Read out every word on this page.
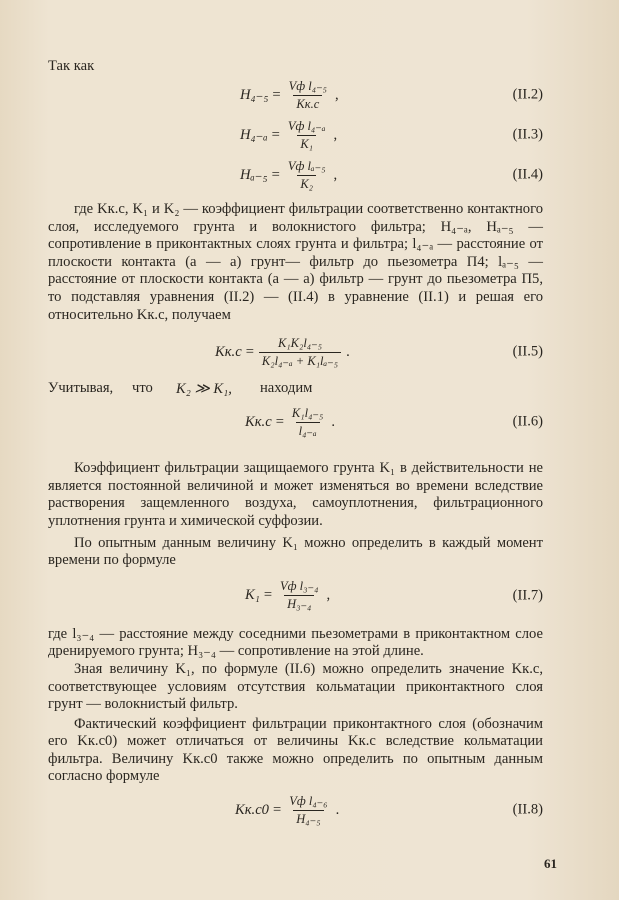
Так как

$H_{4-5} = \frac{\text{Vф l₄₋₅}}{Kк.с}$ ,	(II.2)
$H_{4-a} = \frac{\text{Vф l₄₋ₐ}}{\text{K₁}}$ ,	(II.3)
$H_{a-5} = \frac{\text{Vф lₐ₋₅}}{\text{K₂}}$ ,	(II.4)

где Kк.с, K₁ и K₂ — коэффициент фильтрации соответственно контактного слоя, исследуемого грунта и волокнистого фильтра; H₄₋ₐ, Hₐ₋₅ — сопротивление в приконтактных слоях грунта и фильтра; l₄₋ₐ — расстояние от плоскости контакта (а — а) грунт— фильтр до пьезометра П4; lₐ₋₅ — расстояние от плоскости контакта (а — а) фильтр — грунт до пьезометра П5, то подставляя уравнения (II.2) — (II.4) в уравнение (II.1) и решая его относительно Kк.с, получаем

$Kк.с = \frac{\text{K₁K₂l₄₋₅}}{\text{K₂l₄₋ₐ + K₁lₐ₋₅}}$ .	(II.5)
Учитывая, что K₂ ≫ K₁, находим
$Kк.с = \frac{\text{K₁l₄₋₅}}{\text{l₄₋ₐ}}$ .	(II.6)

Коэффициент фильтрации защищаемого грунта K₁ в действительности не является постоянной величиной и может изменяться во времени вследствие растворения защемленного воздуха, самоуплотнения, фильтрационного уплотнения грунта и химической суффозии.

По опытным данным величину K₁ можно определить в каждый момент времени по формуле

$K_1 = \frac{\text{Vф l₃₋₄}}{\text{H₃₋₄}}$ ,	(II.7)

где l₃₋₄ — расстояние между соседними пьезометрами в приконтактном слое дренируемого грунта; H₃₋₄ — сопротивление на этой длине.

Зная величину K₁, по формуле (II.6) можно определить значение Kк.с, соответствующее условиям отсутствия кольматации приконтактного слоя грунт — волокнистый фильтр.

Фактический коэффициент фильтрации приконтактного слоя (обозначим его Kк.с0) может отличаться от величины Kк.с вследствие кольматации фильтра. Величину Kк.с0 также можно определить по опытным данным согласно формуле

$Kк.с0 = \frac{\text{Vф l₄₋₆}}{\text{H₄₋₅}}$ .	(II.8)
61
